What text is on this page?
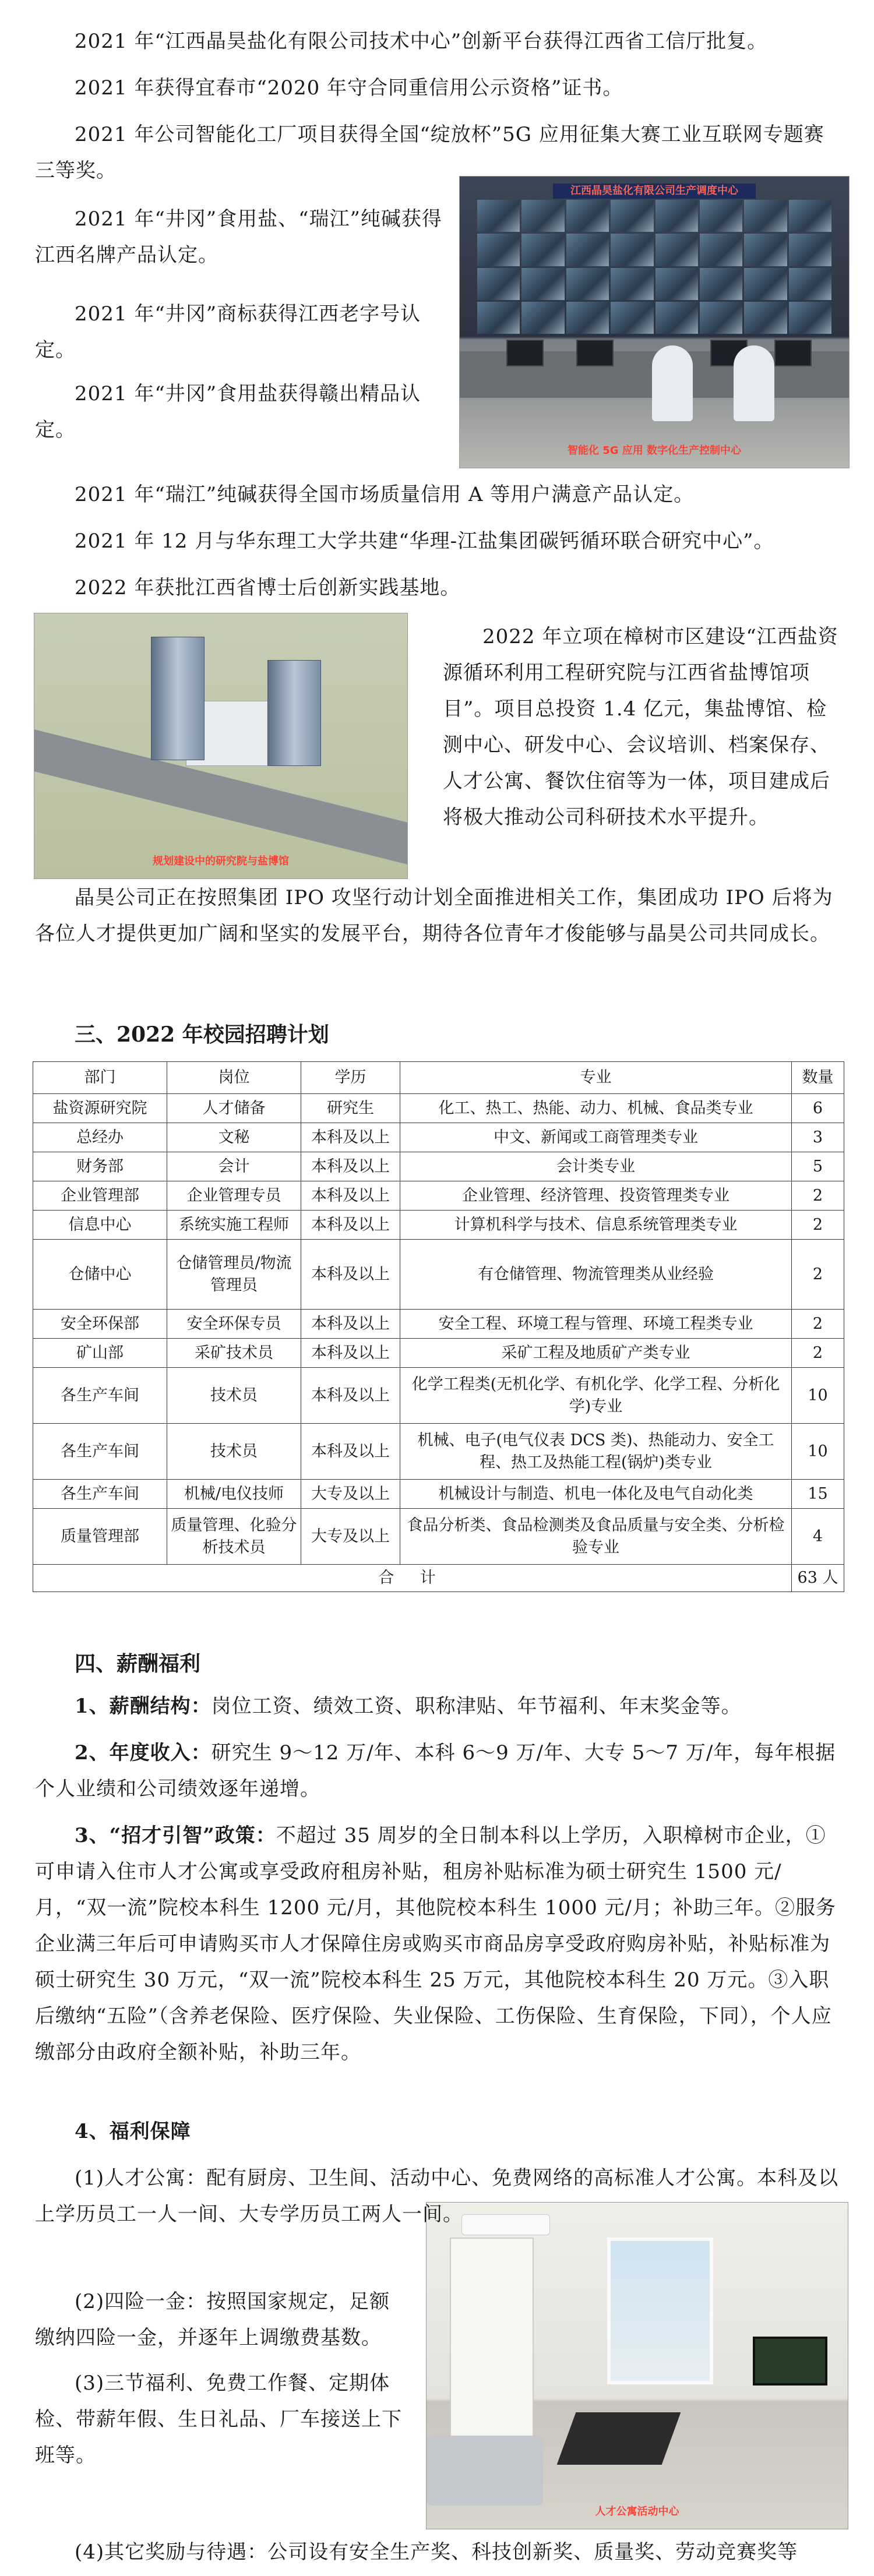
2021 年“江西晶昊盐化有限公司技术中心”创新平台获得江西省工信厅批复。

2021 年获得宜春市“2020 年守合同重信用公示资格”证书。

2021 年公司智能化工厂项目获得全国“绽放杯”5G 应用征集大赛工业互联网专题赛三等奖。

2021 年“井冈”食用盐、“瑞江”纯碱获得江西名牌产品认定。

2021 年“井冈”商标获得江西老字号认定。

2021 年“井冈”食用盐获得赣出精品认定。

江西晶昊盐化有限公司生产调度中心
智能化 5G 应用 数字化生产控制中心

2021 年“瑞江”纯碱获得全国市场质量信用 A 等用户满意产品认定。

2021 年 12 月与华东理工大学共建“华理-江盐集团碳钙循环联合研究中心”。

2022 年获批江西省博士后创新实践基地。

规划建设中的研究院与盐博馆

2022 年立项在樟树市区建设“江西盐资源循环利用工程研究院与江西省盐博馆项目”。项目总投资 1.4 亿元，集盐博馆、检测中心、研发中心、会议培训、档案保存、人才公寓、餐饮住宿等为一体，项目建成后将极大推动公司科研技术水平提升。

晶昊公司正在按照集团 IPO 攻坚行动计划全面推进相关工作，集团成功 IPO 后将为各位人才提供更加广阔和坚实的发展平台，期待各位青年才俊能够与晶昊公司共同成长。

三、2022 年校园招聘计划
部门	岗位	学历	专业	数量
盐资源研究院	人才储备	研究生	化工、热工、热能、动力、机械、食品类专业	6
总经办	文秘	本科及以上	中文、新闻或工商管理类专业	3
财务部	会计	本科及以上	会计类专业	5
企业管理部	企业管理专员	本科及以上	企业管理、经济管理、投资管理类专业	2
信息中心	系统实施工程师	本科及以上	计算机科学与技术、信息系统管理类专业	2
仓储中心	仓储管理员/物流管理员	本科及以上	有仓储管理、物流管理类从业经验	2
安全环保部	安全环保专员	本科及以上	安全工程、环境工程与管理、环境工程类专业	2
矿山部	采矿技术员	本科及以上	采矿工程及地质矿产类专业	2
各生产车间	技术员	本科及以上	化学工程类(无机化学、有机化学、化学工程、分析化学)专业	10
各生产车间	技术员	本科及以上	机械、电子(电气仪表 DCS 类)、热能动力、安全工程、热工及热能工程(锅炉)类专业	10
各生产车间	机械/电仪技师	大专及以上	机械设计与制造、机电一体化及电气自动化类	15
质量管理部	质量管理、化验分析技术员	大专及以上	食品分析类、食品检测类及食品质量与安全类、分析检验专业	4
合 计				63 人
四、薪酬福利

1、薪酬结构：岗位工资、绩效工资、职称津贴、年节福利、年末奖金等。

2、年度收入：研究生 9～12 万/年、本科 6～9 万/年、大专 5～7 万/年，每年根据个人业绩和公司绩效逐年递增。

3、“招才引智”政策：不超过 35 周岁的全日制本科以上学历，入职樟树市企业，①可申请入住市人才公寓或享受政府租房补贴，租房补贴标准为硕士研究生 1500 元/月，“双一流”院校本科生 1200 元/月，其他院校本科生 1000 元/月；补助三年。②服务企业满三年后可申请购买市人才保障住房或购买市商品房享受政府购房补贴，补贴标准为硕士研究生 30 万元，“双一流”院校本科生 25 万元，其他院校本科生 20 万元。③入职后缴纳“五险”（含养老保险、医疗保险、失业保险、工伤保险、生育保险，下同），个人应缴部分由政府全额补贴，补助三年。

4、福利保障

人才公寓活动中心

(1)人才公寓：配有厨房、卫生间、活动中心、免费网络的高标准人才公寓。本科及以上学历员工一人一间、大专学历员工两人一间。

(2)四险一金：按照国家规定，足额缴纳四险一金，并逐年上调缴费基数。

(3)三节福利、免费工作餐、定期体检、带薪年假、生日礼品、厂车接送上下班等。

(4)其它奖励与待遇：公司设有安全生产奖、科技创新奖、质量奖、劳动竞赛奖等
